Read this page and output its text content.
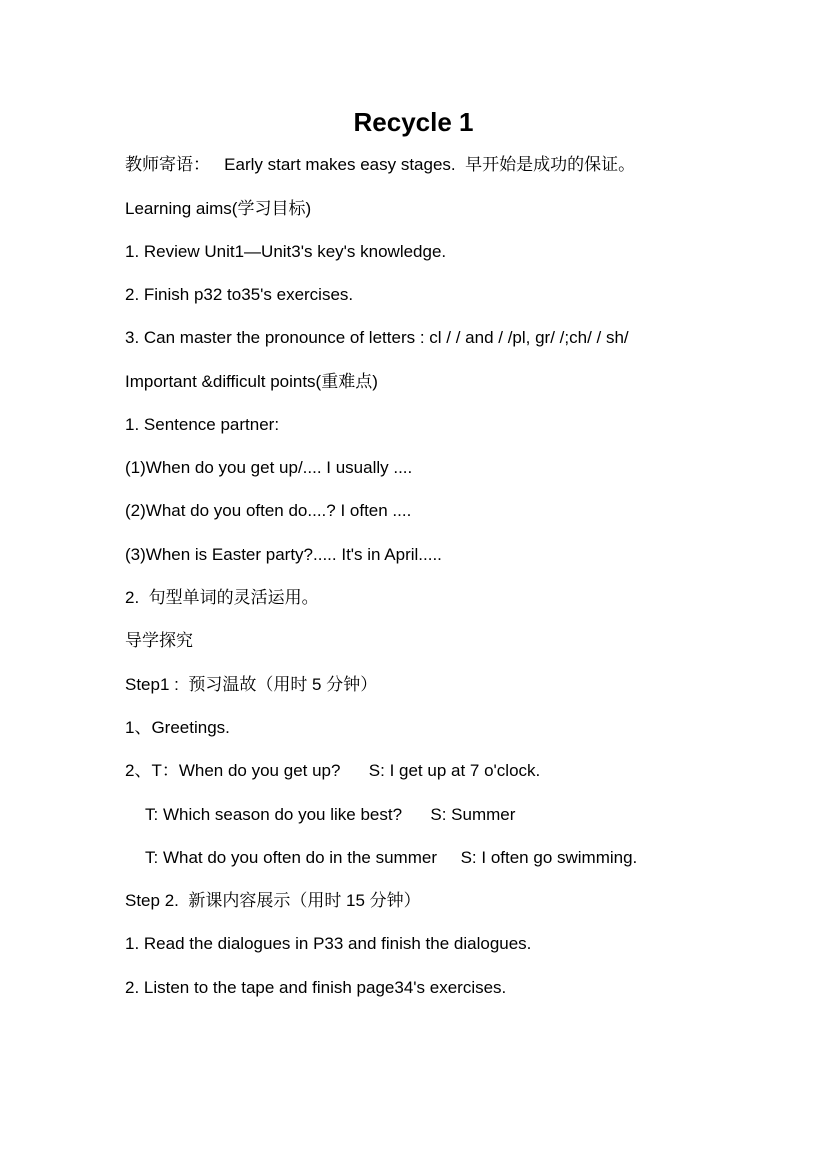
Recycle 1
教师寄语：   Early start makes easy stages.  早开始是成功的保证。
Learning aims(学习目标)
1. Review Unit1—Unit3's key's knowledge.
2. Finish p32 to35's exercises.
3. Can master the pronounce of letters : cl / / and / /pl, gr/ /;ch/ / sh/
Important &difficult points(重难点)
1. Sentence partner:
(1)When do you get up/.... I usually ....
(2)What do you often do....? I often ....
(3)When is Easter party?..... It's in April.....
2.  句型单词的灵活运用。
导学探究
Step1 :  预习温故（用时 5 分钟）
1、Greetings.
2、T：When do you get up?      S: I get up at 7 o'clock.
T: Which season do you like best?      S: Summer
T: What do you often do in the summer     S: I often go swimming.
Step 2.  新课内容展示（用时 15 分钟）
1. Read the dialogues in P33 and finish the dialogues.
2. Listen to the tape and finish page34's exercises.
